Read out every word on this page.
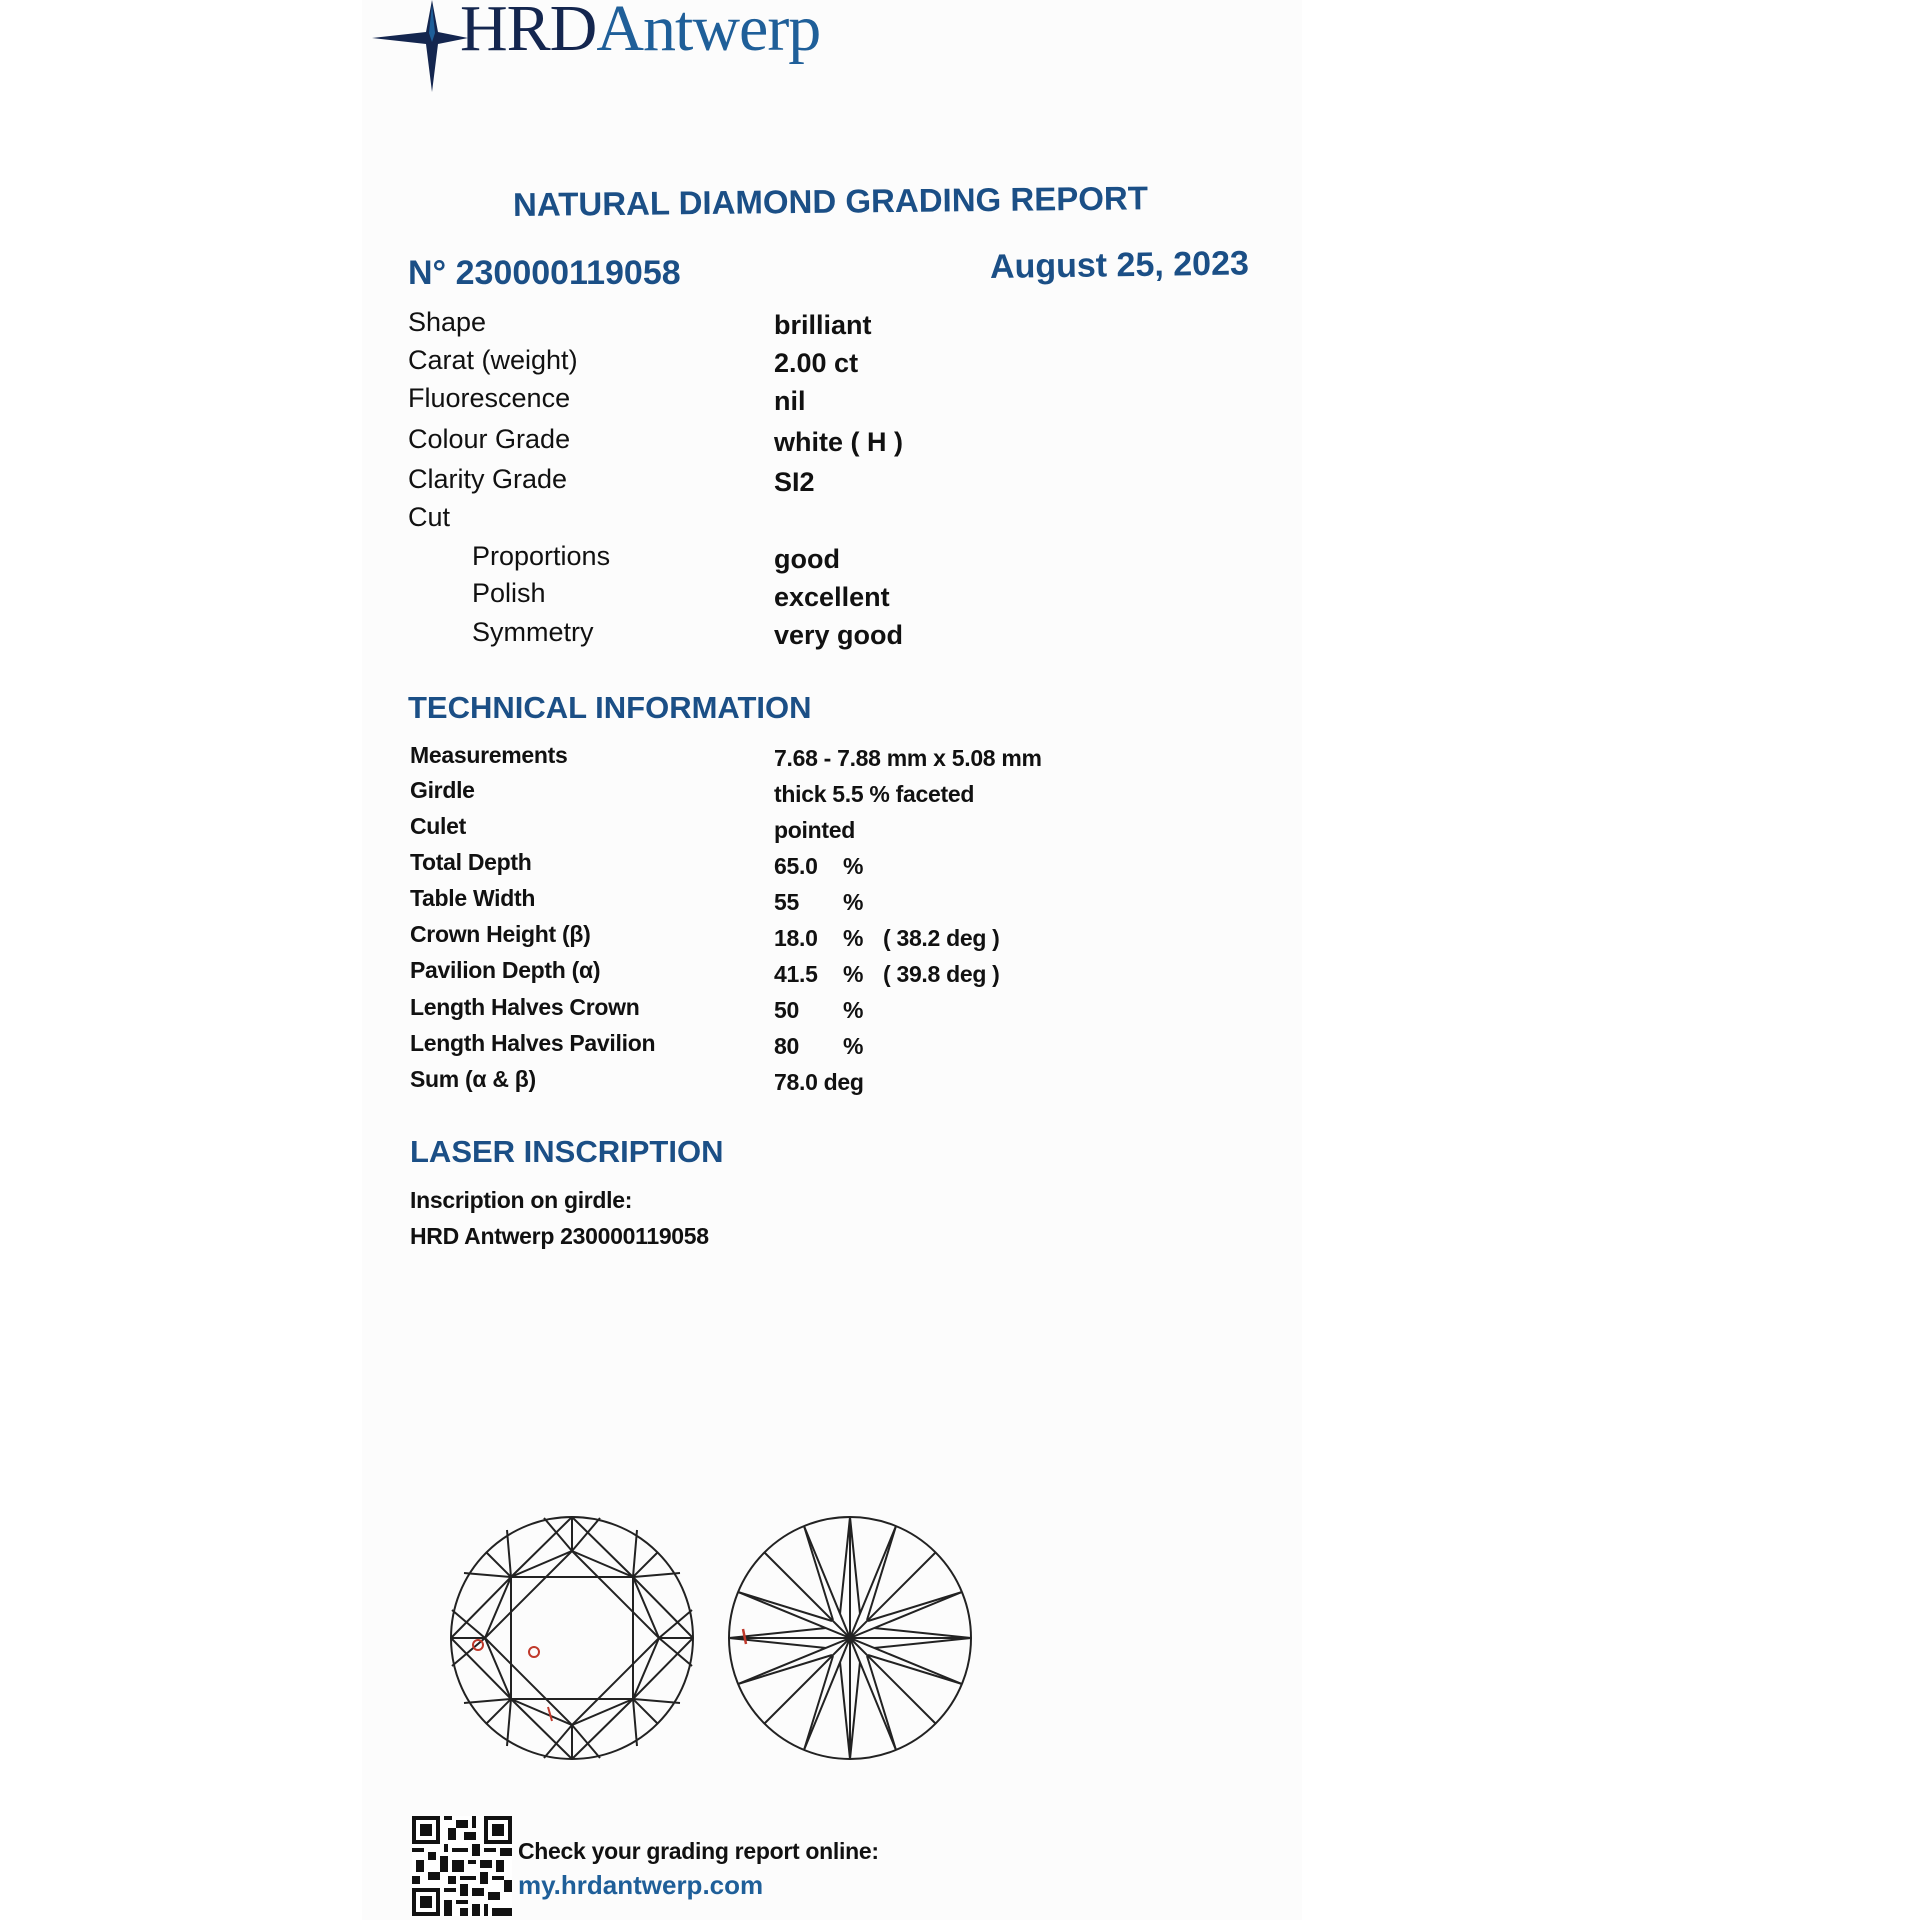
HRDAntwerp
NATURAL DIAMOND GRADING REPORT
N° 230000119058	August 25, 2023
Shape	brilliant
Carat (weight)	2.00 ct
Fluorescence	nil
Colour Grade	white ( H )
Clarity Grade	SI2
Cut
Proportions	good
Polish	excellent
Symmetry	very good
TECHNICAL INFORMATION
Measurements	7.68 - 7.88 mm x 5.08 mm
Girdle	thick 5.5 % faceted
Culet	pointed
Total Depth	65.0 %
Table Width	55 %
Crown Height (β)	18.0 % ( 38.2 deg )
Pavilion Depth (α)	41.5 % ( 39.8 deg )
Length Halves Crown	50 %
Length Halves Pavilion	80 %
Sum (α & β)	78.0 deg
LASER INSCRIPTION
Inscription on girdle:
HRD Antwerp 230000119058
Check your grading report online:
my.hrdantwerp.com
